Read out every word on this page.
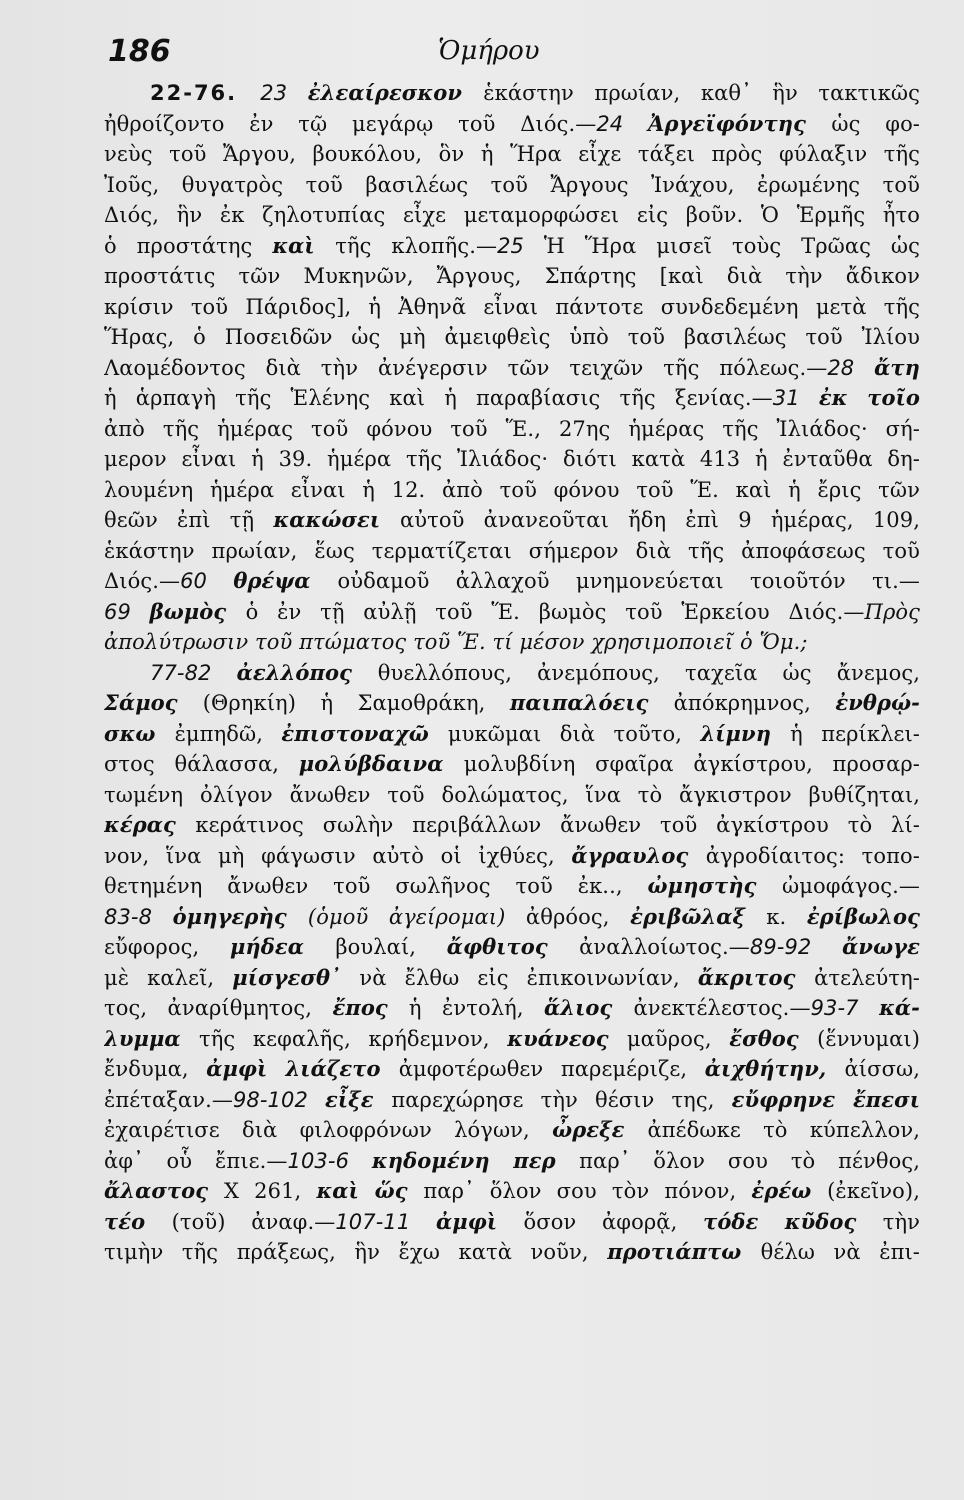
186	Ὁμήρου
22-76. 23 ἐλεαίρεσκον ἑκάστην πρωίαν, καθ᾽ ἣν τακτικῶς
ἠθροίζοντο ἐν τῷ μεγάρῳ τοῦ Διός.—24 Ἀργεϊφόντης ὡς φο-
νεὺς τοῦ Ἄργου, βουκόλου, ὃν ἡ Ἥρα εἶχε τάξει πρὸς φύλαξιν τῆς
Ἰοῦς, θυγατρὸς τοῦ βασιλέως τοῦ Ἄργους Ἰνάχου, ἐρωμένης τοῦ
Διός, ἣν ἐκ ζηλοτυπίας εἶχε μεταμορφώσει εἰς βοῦν. Ὁ Ἑρμῆς ἦτο
ὁ προστάτης καὶ τῆς κλοπῆς.—25 Ἡ Ἥρα μισεῖ τοὺς Τρῶας ὡς
προστάτις τῶν Μυκηνῶν, Ἄργους, Σπάρτης [καὶ διὰ τὴν ἄδικον
κρίσιν τοῦ Πάριδος], ἡ Ἀθηνᾶ εἶναι πάντοτε συνδεδεμένη μετὰ τῆς
Ἥρας, ὁ Ποσειδῶν ὡς μὴ ἀμειφθεὶς ὑπὸ τοῦ βασιλέως τοῦ Ἰλίου
Λαομέδοντος διὰ τὴν ἀνέγερσιν τῶν τειχῶν τῆς πόλεως.—28 ἄτη
ἡ ἁρπαγὴ τῆς Ἑλένης καὶ ἡ παραβίασις τῆς ξενίας.—31 ἐκ τοῖο
ἀπὸ τῆς ἡμέρας τοῦ φόνου τοῦ Ἕ., 27ης ἡμέρας τῆς Ἰλιάδος· σή-
μερον εἶναι ἡ 39. ἡμέρα τῆς Ἰλιάδος· διότι κατὰ 413 ἡ ἐνταῦθα δη-
λουμένη ἡμέρα εἶναι ἡ 12. ἀπὸ τοῦ φόνου τοῦ Ἕ. καὶ ἡ ἔρις τῶν
θεῶν ἐπὶ τῇ κακώσει αὐτοῦ ἀνανεοῦται ἤδη ἐπὶ 9 ἡμέρας, 109,
ἑκάστην πρωίαν, ἕως τερματίζεται σήμερον διὰ τῆς ἀποφάσεως τοῦ
Διός.—60 θρέψα οὐδαμοῦ ἀλλαχοῦ μνημονεύεται τοιοῦτόν τι.—
69 βωμὸς ὁ ἐν τῇ αὐλῇ τοῦ Ἕ. βωμὸς τοῦ Ἑρκείου Διός.—Πρὸς
ἀπολύτρωσιν τοῦ πτώματος τοῦ Ἕ. τί μέσον χρησιμοποιεῖ ὁ Ὅμ.;
77-82 ἀελλόπος θυελλόπους, ἀνεμόπους, ταχεῖα ὡς ἄνεμος,
Σάμος (Θρηκίη) ἡ Σαμοθράκη, παιπαλόεις ἀπόκρημνος, ἐνθρῴ-
σκω ἐμπηδῶ, ἐπιστοναχῶ μυκῶμαι διὰ τοῦτο, λίμνη ἡ περίκλει-
στος θάλασσα, μολύβδαινα μολυβδίνη σφαῖρα ἀγκίστρου, προσαρ-
τωμένη ὀλίγον ἄνωθεν τοῦ δολώματος, ἵνα τὸ ἄγκιστρον βυθίζηται,
κέρας κεράτινος σωλὴν περιβάλλων ἄνωθεν τοῦ ἀγκίστρου τὸ λί-
νον, ἵνα μὴ φάγωσιν αὐτὸ οἱ ἰχθύες, ἄγραυλος ἀγροδίαιτος: τοπο-
θετημένη ἄνωθεν τοῦ σωλῆνος τοῦ ἐκ.., ὠμηστὴς ὠμοφάγος.—
83-8 ὁμηγερὴς (ὁμοῦ ἀγείρομαι) ἀθρόος, ἐριβῶλαξ κ. ἐρίβωλος
εὔφορος, μήδεα βουλαί, ἄφθιτος ἀναλλοίωτος.—89-92 ἄνωγε
μὲ καλεῖ, μίσγεσθ᾽ νὰ ἔλθω εἰς ἐπικοινωνίαν, ἄκριτος ἀτελεύτη-
τος, ἀναρίθμητος, ἔπος ἡ ἐντολή, ἅλιος ἀνεκτέλεστος.—93-7 κά-
λυμμα τῆς κεφαλῆς, κρήδεμνον, κυάνεος μαῦρος, ἔσθος (ἕννυμαι)
ἔνδυμα, ἀμφὶ λιάζετο ἀμφοτέρωθεν παρεμέριζε, ἀιχθήτην, ἀίσσω,
ἐπέταξαν.—98-102 εἶξε παρεχώρησε τὴν θέσιν της, εὔφρηνε ἔπεσι
ἐχαιρέτισε διὰ φιλοφρόνων λόγων, ὦρεξε ἀπέδωκε τὸ κύπελλον,
ἀφ᾽ οὗ ἔπιε.—103-6 κηδομένη περ παρ᾽ ὅλον σου τὸ πένθος,
ἄλαστος Χ 261, καὶ ὥς παρ᾽ ὅλον σου τὸν πόνον, ἐρέω (ἐκεῖνο),
τέο (τοῦ) ἀναφ.—107-11 ἀμφὶ ὅσον ἀφορᾷ, τόδε κῦδος τὴν
τιμὴν τῆς πράξεως, ἣν ἔχω κατὰ νοῦν, προτιάπτω θέλω νὰ ἐπι-
